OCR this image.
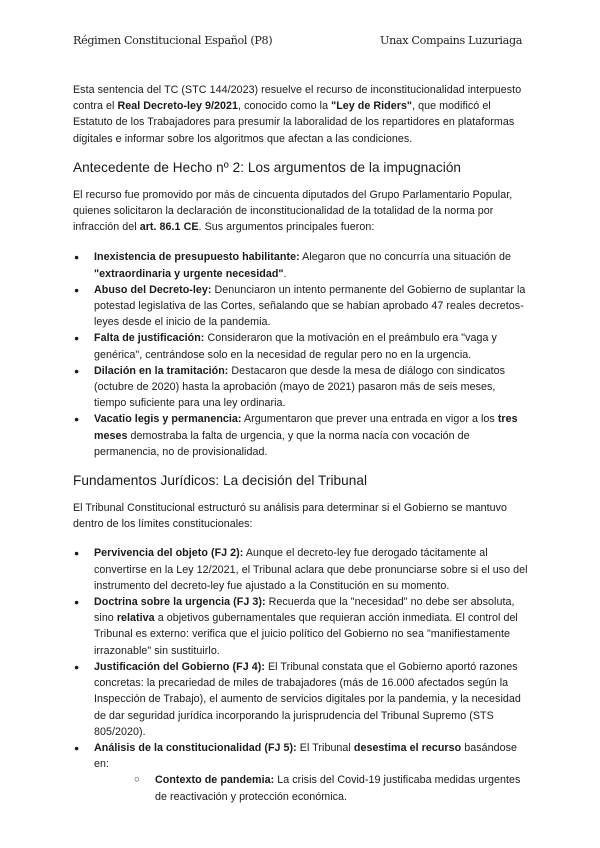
Régimen Constitucional Español (P8)	Unax Compains Luzuriaga

Esta sentencia del TC (STC 144/2023) resuelve el recurso de inconstitucionalidad interpuesto contra el Real Decreto-ley 9/2021, conocido como la "Ley de Riders", que modificó el Estatuto de los Trabajadores para presumir la laboralidad de los repartidores en plataformas digitales e informar sobre los algoritmos que afectan a las condiciones.

Antecedente de Hecho nº 2: Los argumentos de la impugnación

El recurso fue promovido por más de cincuenta diputados del Grupo Parlamentario Popular, quienes solicitaron la declaración de inconstitucionalidad de la totalidad de la norma por infracción del art. 86.1 CE. Sus argumentos principales fueron:

● Inexistencia de presupuesto habilitante: Alegaron que no concurría una situación de "extraordinaria y urgente necesidad".
● Abuso del Decreto-ley: Denunciaron un intento permanente del Gobierno de suplantar la potestad legislativa de las Cortes, señalando que se habían aprobado 47 reales decretos-leyes desde el inicio de la pandemia.
● Falta de justificación: Consideraron que la motivación en el preámbulo era "vaga y genérica", centrándose solo en la necesidad de regular pero no en la urgencia.
● Dilación en la tramitación: Destacaron que desde la mesa de diálogo con sindicatos (octubre de 2020) hasta la aprobación (mayo de 2021) pasaron más de seis meses, tiempo suficiente para una ley ordinaria.
● Vacatio legis y permanencia: Argumentaron que prever una entrada en vigor a los tres meses demostraba la falta de urgencia, y que la norma nacía con vocación de permanencia, no de provisionalidad.
Fundamentos Jurídicos: La decisión del Tribunal

El Tribunal Constitucional estructuró su análisis para determinar si el Gobierno se mantuvo dentro de los límites constitucionales:

● Pervivencia del objeto (FJ 2): Aunque el decreto-ley fue derogado tácitamente al convertirse en la Ley 12/2021, el Tribunal aclara que debe pronunciarse sobre si el uso del instrumento del decreto-ley fue ajustado a la Constitución en su momento.
● Doctrina sobre la urgencia (FJ 3): Recuerda que la "necesidad" no debe ser absoluta, sino relativa a objetivos gubernamentales que requieran acción inmediata. El control del Tribunal es externo: verifica que el juicio político del Gobierno no sea "manifiestamente irrazonable" sin sustituirlo.
● Justificación del Gobierno (FJ 4): El Tribunal constata que el Gobierno aportó razones concretas: la precariedad de miles de trabajadores (más de 16.000 afectados según la Inspección de Trabajo), el aumento de servicios digitales por la pandemia, y la necesidad de dar seguridad jurídica incorporando la jurisprudencia del Tribunal Supremo (STS 805/2020).
● Análisis de la constitucionalidad (FJ 5): El Tribunal desestima el recurso basándose en:
○ Contexto de pandemia: La crisis del Covid-19 justificaba medidas urgentes de reactivación y protección económica.
